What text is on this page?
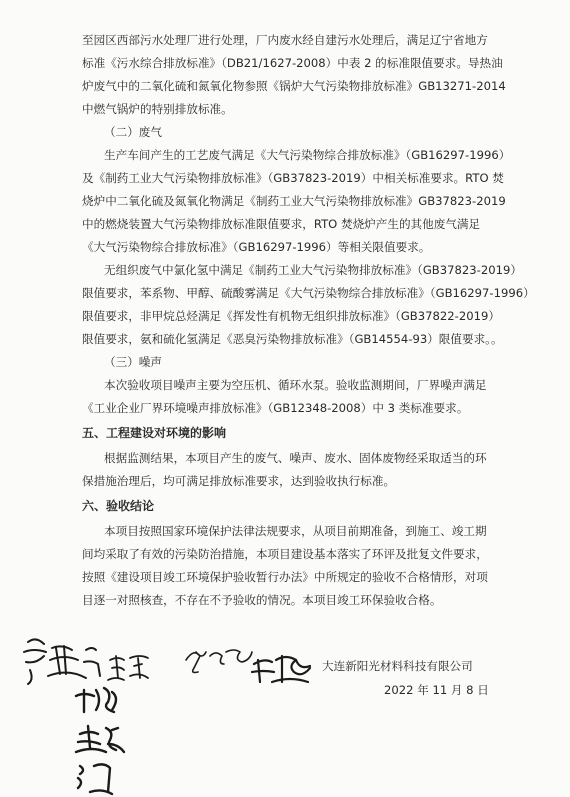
至园区西部污水处理厂进行处理，厂内废水经自建污水处理后，满足辽宁省地方
标准《污水综合排放标准》（DB21/1627-2008）中表 2 的标准限值要求。导热油
炉废气中的二氧化硫和氮氧化物参照《锅炉大气污染物排放标准》GB13271-2014
中燃气锅炉的特别排放标准。
（二）废气
生产车间产生的工艺废气满足《大气污染物综合排放标准》（GB16297-1996）
及《制药工业大气污染物排放标准》（GB37823-2019）中相关标准要求。RTO 焚
烧炉中二氧化硫及氮氧化物满足《制药工业大气污染物排放标准》GB37823-2019
中的燃烧装置大气污染物排放标准限值要求，RTO 焚烧炉产生的其他废气满足
《大气污染物综合排放标准》（GB16297-1996）等相关限值要求。
无组织废气中氯化氢中满足《制药工业大气污染物排放标准》（GB37823-2019）
限值要求，苯系物、甲醇、硫酸雾满足《大气污染物综合排放标准》（GB16297-1996）
限值要求，非甲烷总烃满足《挥发性有机物无组织排放标准》（GB37822-2019）
限值要求，氨和硫化氢满足《恶臭污染物排放标准》（GB14554-93）限值要求。。
（三）噪声
本次验收项目噪声主要为空压机、循环水泵。验收监测期间，厂界噪声满足
《工业企业厂界环境噪声排放标准》（GB12348-2008）中 3 类标准要求。
五、工程建设对环境的影响
根据监测结果，本项目产生的废气、噪声、废水、固体废物经采取适当的环
保措施治理后，均可满足排放标准要求，达到验收执行标准。
六、验收结论
本项目按照国家环境保护法律法规要求，从项目前期准备，到施工、竣工期
间均采取了有效的污染防治措施，本项目建设基本落实了环评及批复文件要求，
按照《建设项目竣工环境保护验收暂行办法》中所规定的验收不合格情形，对项
目逐一对照核查，不存在不予验收的情况。本项目竣工环保验收合格。
大连新阳光材料科技有限公司
2022 年 11 月 8 日
